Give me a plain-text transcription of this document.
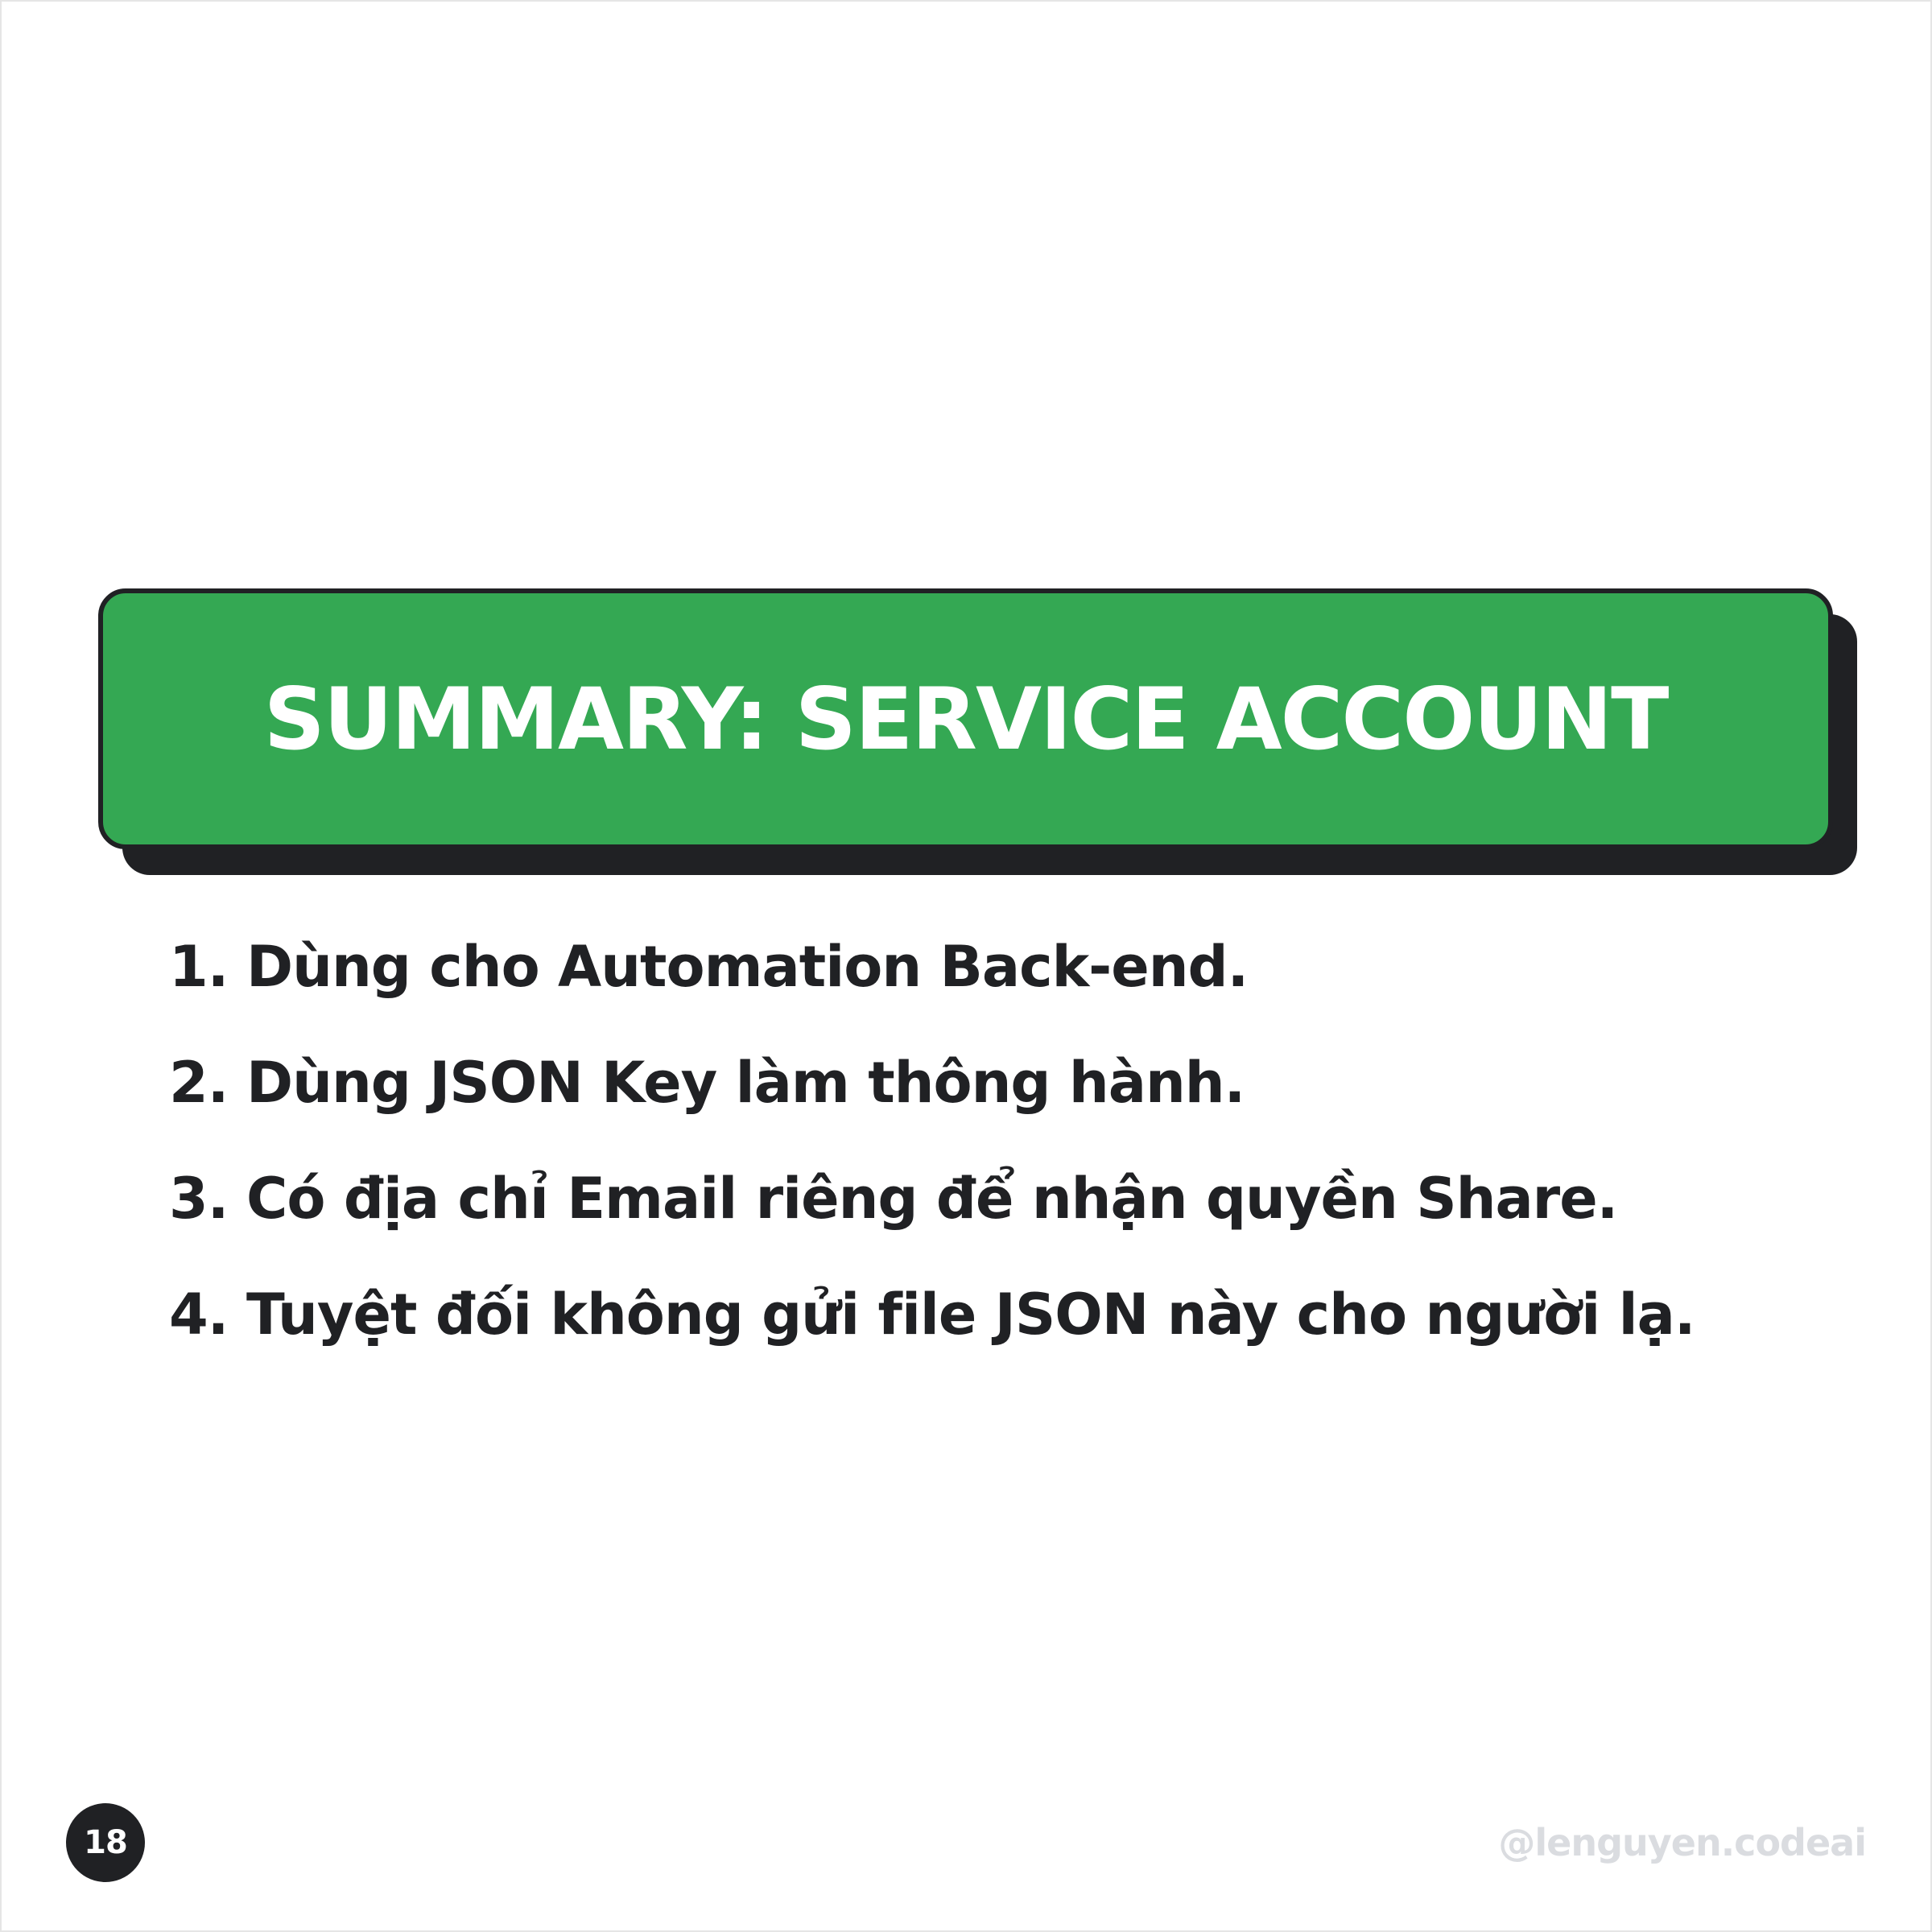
SUMMARY: SERVICE ACCOUNT
1. Dùng cho Automation Back-end.
2. Dùng JSON Key làm thông hành.
3. Có địa chỉ Email riêng để nhận quyền Share.
4. Tuyệt đối không gửi file JSON này cho người lạ.
18	@lenguyen.codeai
